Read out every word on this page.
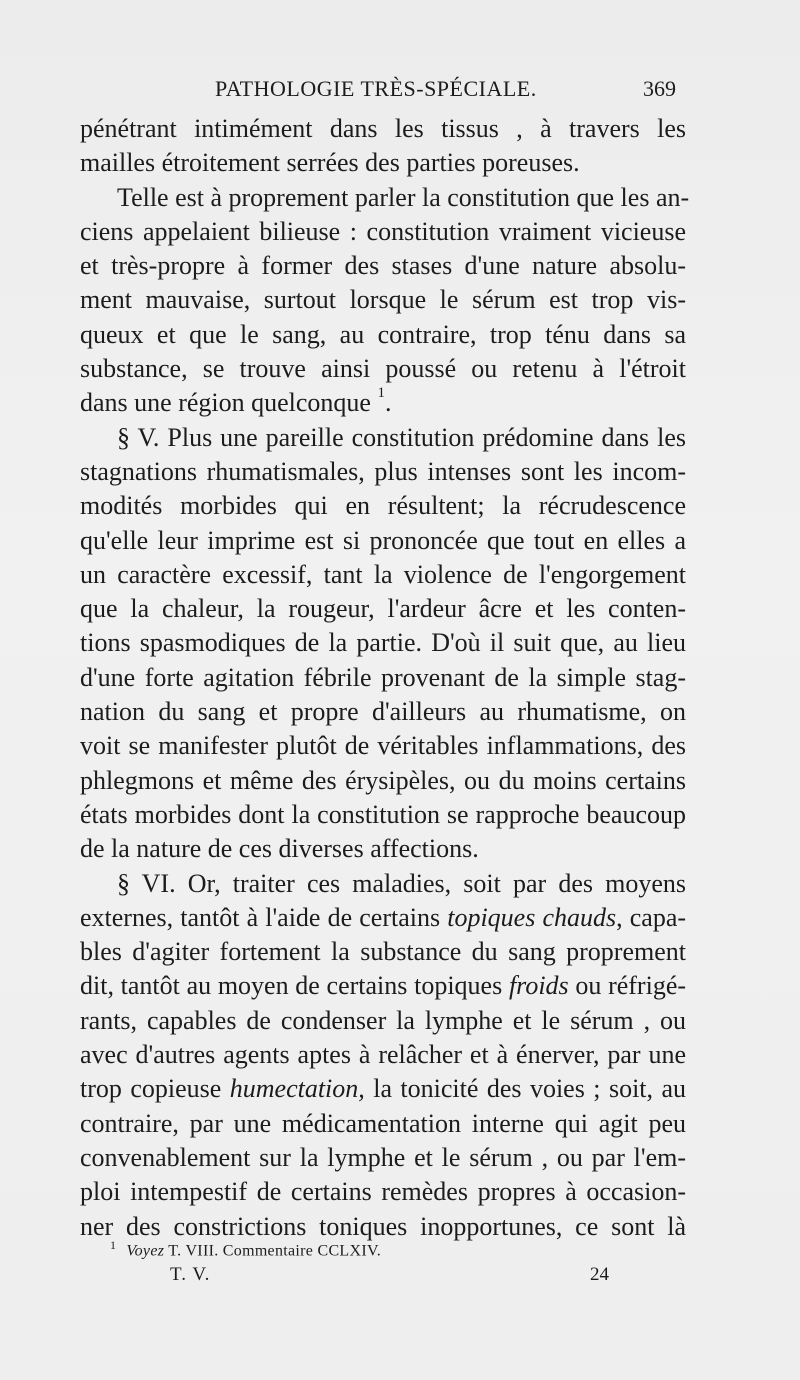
PATHOLOGIE TRÈS-SPÉCIALE.	369
pénétrant intimément dans les tissus , à travers les
mailles étroitement serrées des parties poreuses.
Telle est à proprement parler la constitution que les an-
ciens appelaient bilieuse : constitution vraiment vicieuse
et très-propre à former des stases d'une nature absolu-
ment mauvaise, surtout lorsque le sérum est trop vis-
queux et que le sang, au contraire, trop ténu dans sa
substance, se trouve ainsi poussé ou retenu à l'étroit
dans une région quelconque $^1$.
§ V. Plus une pareille constitution prédomine dans les
stagnations rhumatismales, plus intenses sont les incom-
modités morbides qui en résultent; la récrudescence
qu'elle leur imprime est si prononcée que tout en elles a
un caractère excessif, tant la violence de l'engorgement
que la chaleur, la rougeur, l'ardeur âcre et les conten-
tions spasmodiques de la partie. D'où il suit que, au lieu
d'une forte agitation fébrile provenant de la simple stag-
nation du sang et propre d'ailleurs au rhumatisme, on
voit se manifester plutôt de véritables inflammations, des
phlegmons et même des érysipèles, ou du moins certains
états morbides dont la constitution se rapproche beaucoup
de la nature de ces diverses affections.
§ VI. Or, traiter ces maladies, soit par des moyens
externes, tantôt à l'aide de certains topiques chauds, capa-
bles d'agiter fortement la substance du sang proprement
dit, tantôt au moyen de certains topiques froids ou réfrigé-
rants, capables de condenser la lymphe et le sérum , ou
avec d'autres agents aptes à relâcher et à énerver, par une
trop copieuse humectation, la tonicité des voies ; soit, au
contraire, par une médicamentation interne qui agit peu
convenablement sur la lymphe et le sérum , ou par l'em-
ploi intempestif de certains remèdes propres à occasion-
ner des constrictions toniques inopportunes, ce sont là
$^1$ Voyez T. VIII. Commentaire CCLXIV.
T. V.	24
